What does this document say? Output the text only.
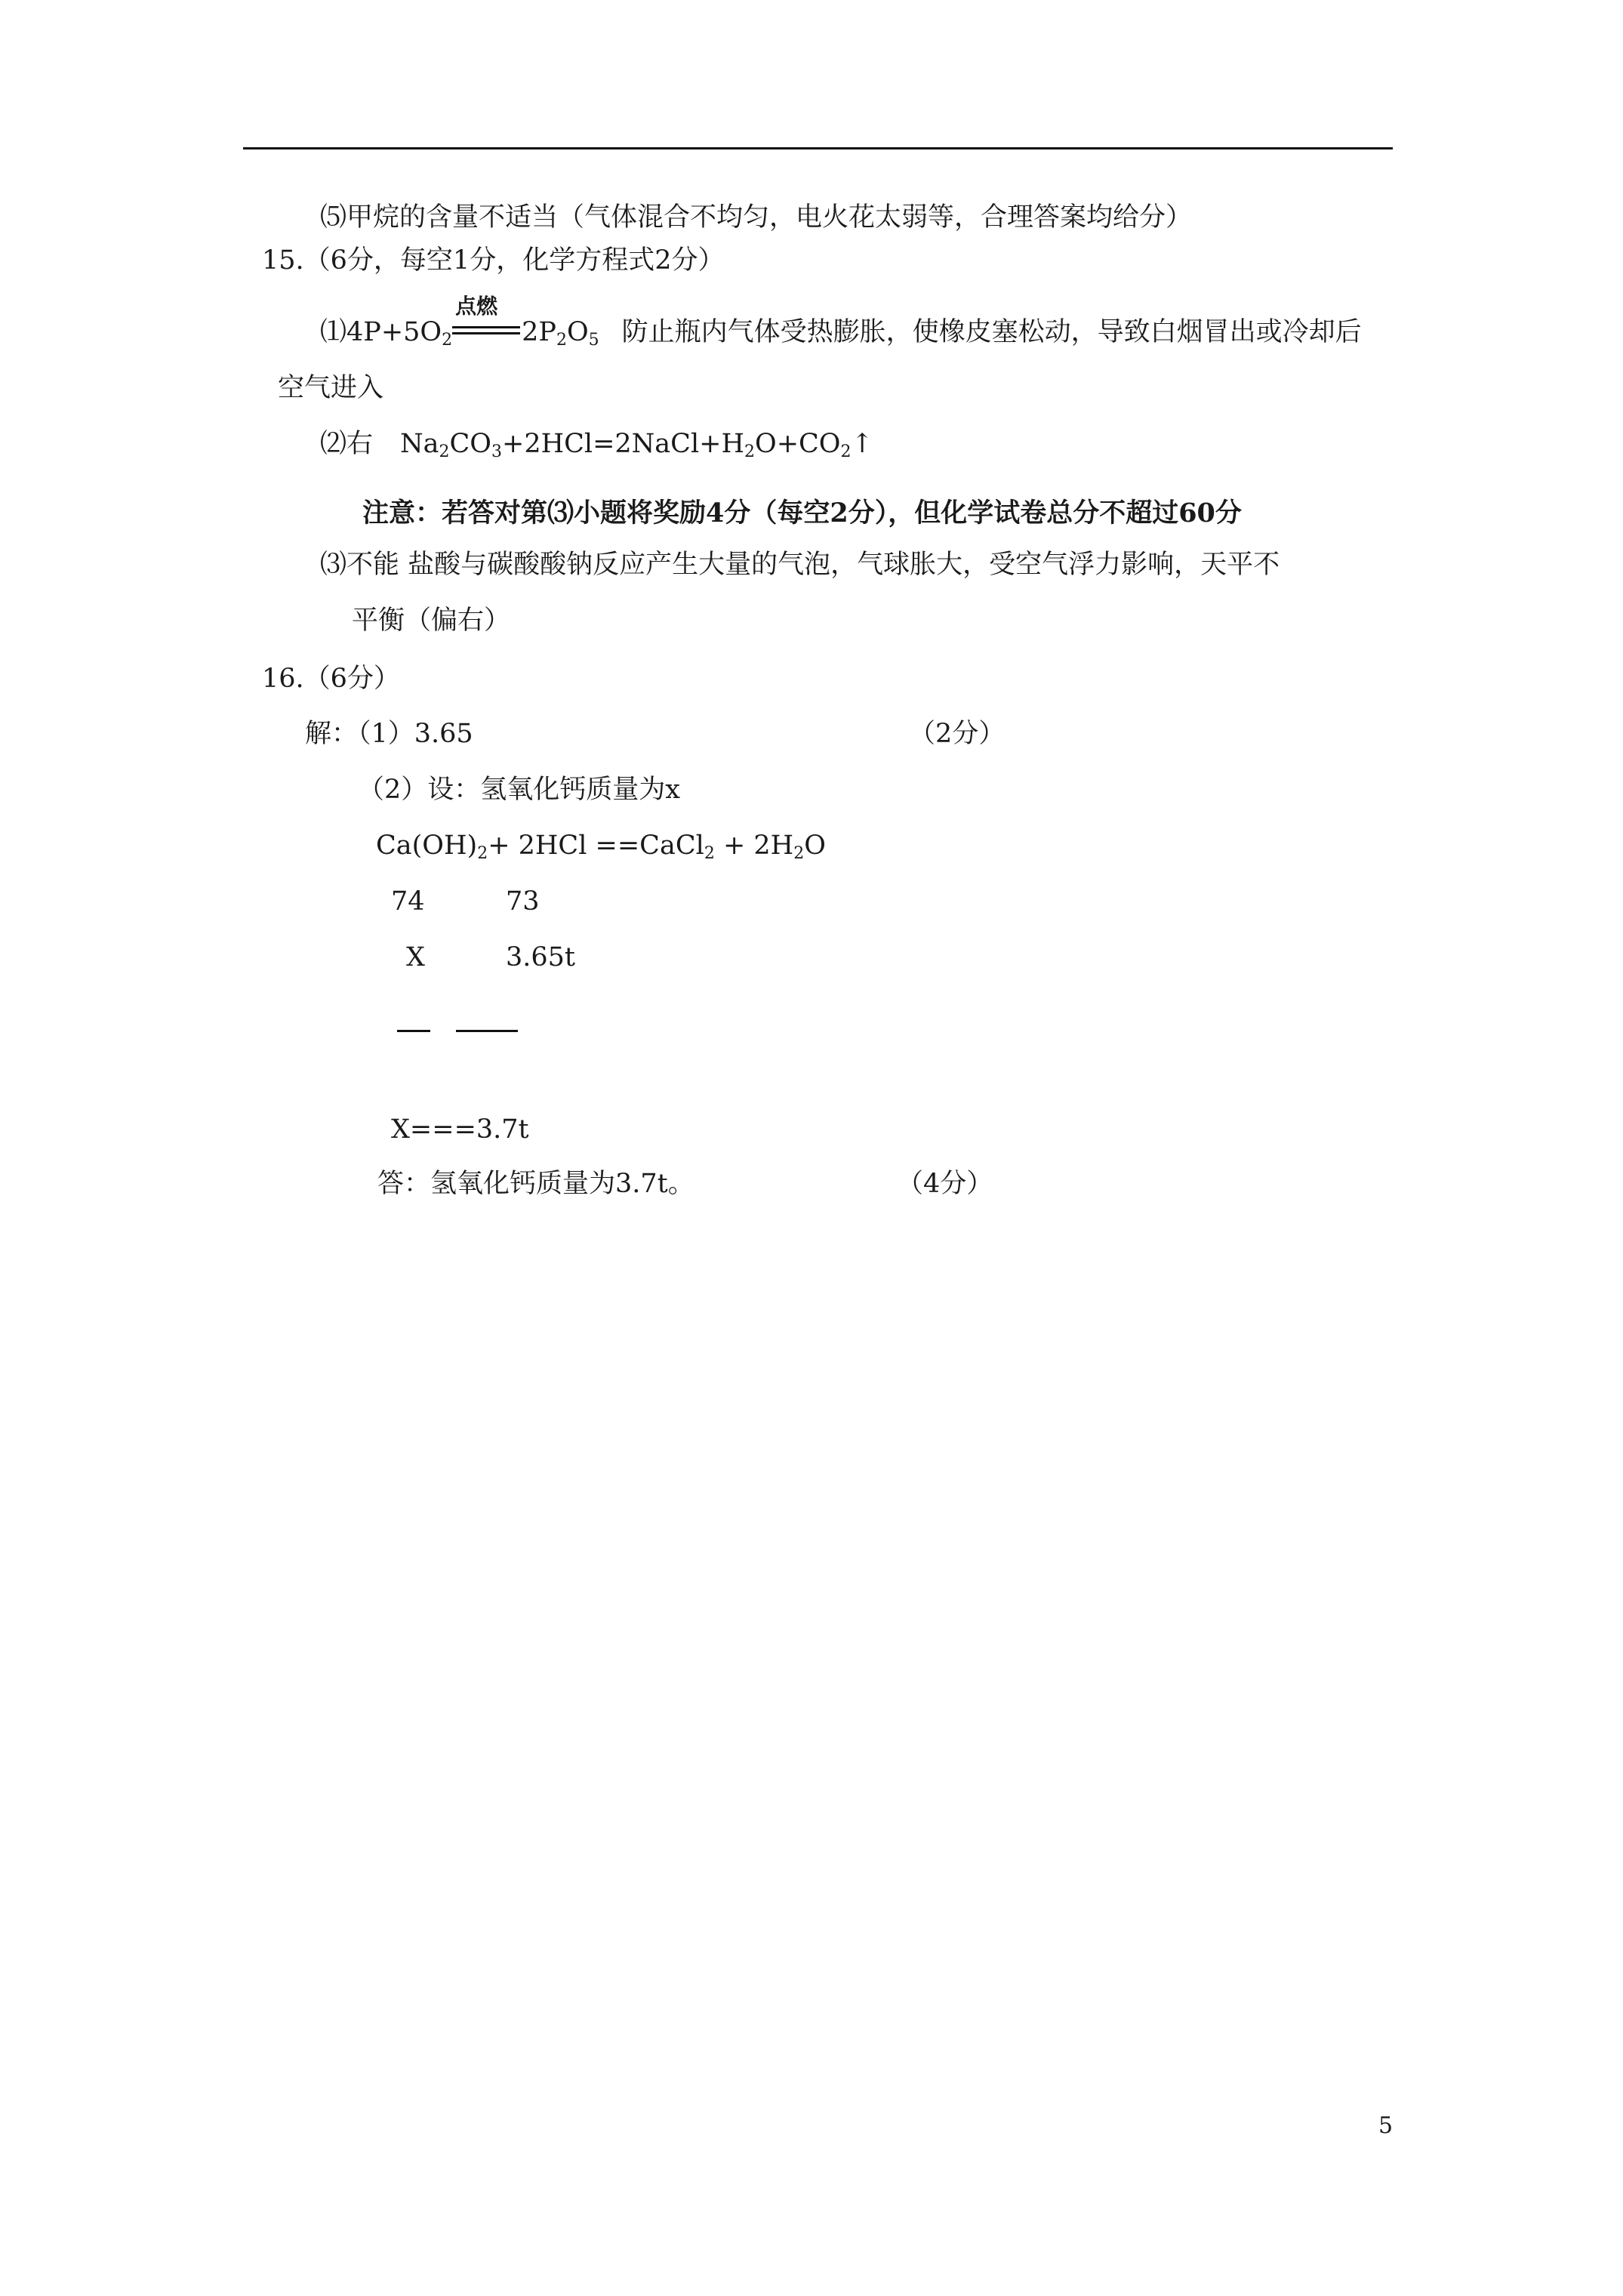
⑸甲烷的含量不适当（气体混合不均匀，电火花太弱等，合理答案均给分）
15.（6分，每空1分，化学方程式2分）
$⑴4P+5O_2$
点燃
$2P_2O_5$ 防止瓶内气体受热膨胀，使橡皮塞松动，导致白烟冒出或冷却后
空气进入
⑵右 $Na_2CO_3+2HCl=2NaCl+H_2O+CO_2↑$
注意：若答对第⑶小题将奖励4分（每空2分），但化学试卷总分不超过60分
⑶不能 盐酸与碳酸酸钠反应产生大量的气泡，气球胀大，受空气浮力影响，天平不
平衡（偏右）
16.（6分）
解：（1）3.65	（2分）
（2）设：氢氧化钙质量为x
$Ca(OH)_2+ 2HCl$ ==CaCl$_2$ + $2H_2O$
74	73
X	3.65t
X===3.7t
答：氢氧化钙质量为3.7t。	（4分）
5
